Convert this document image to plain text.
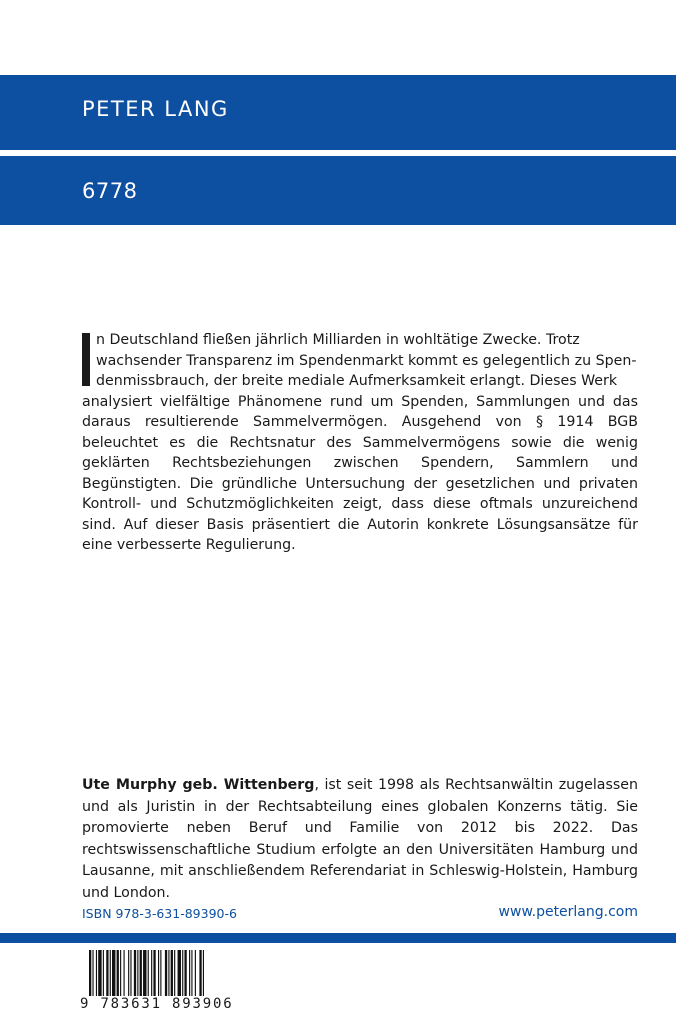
PETER LANG
6778
n Deutschland fließen jährlich Milliarden in wohltätige Zwecke. Trotz
wachsender Transparenz im Spendenmarkt kommt es gelegentlich zu Spen-
denmissbrauch, der breite mediale Aufmerksamkeit erlangt. Dieses Werk
analysiert vielfältige Phänomene rund um Spenden, Sammlungen und das daraus resultierende Sammelvermögen. Ausgehend von § 1914 BGB beleuchtet es die Rechtsnatur des Sammelvermögens sowie die wenig geklärten Rechtsbeziehungen zwischen Spendern, Sammlern und Begünstigten. Die gründliche Untersuchung der gesetzlichen und privaten Kontroll- und Schutzmöglichkeiten zeigt, dass diese oftmals unzureichend sind. Auf dieser Basis präsentiert die Autorin konkrete Lösungsansätze für eine verbesserte Regulierung.
Ute Murphy geb. Wittenberg, ist seit 1998 als Rechtsanwältin zugelassen und als Juristin in der Rechtsabteilung eines globalen Konzerns tätig. Sie promovierte neben Beruf und Familie von 2012 bis 2022. Das rechtswissenschaftliche Studium erfolgte an den Universitäten Hamburg und Lausanne, mit anschließendem Referendariat in Schleswig-Holstein, Hamburg und London.
ISBN 978-3-631-89390-6	www.peterlang.com
9 783631 893906
